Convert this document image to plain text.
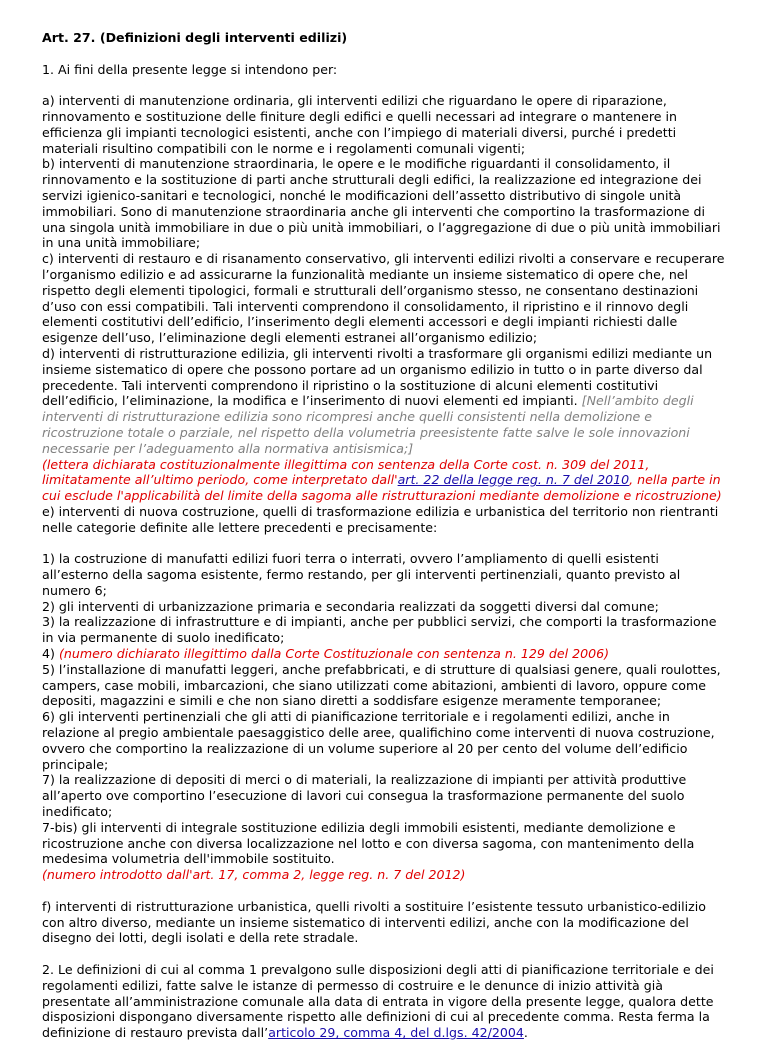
Art. 27. (Definizioni degli interventi edilizi)

1. Ai fini della presente legge si intendono per:

a) interventi di manutenzione ordinaria, gli interventi edilizi che riguardano le opere di riparazione, rinnovamento e sostituzione delle finiture degli edifici e quelli necessari ad integrare o mantenere in efficienza gli impianti tecnologici esistenti, anche con l’impiego di materiali diversi, purché i predetti materiali risultino compatibili con le norme e i regolamenti comunali vigenti;

b) interventi di manutenzione straordinaria, le opere e le modifiche riguardanti il consolidamento, il rinnovamento e la sostituzione di parti anche strutturali degli edifici, la realizzazione ed integrazione dei servizi igienico-sanitari e tecnologici, nonché le modificazioni dell’assetto distributivo di singole unità immobiliari. Sono di manutenzione straordinaria anche gli interventi che comportino la trasformazione di una singola unità immobiliare in due o più unità immobiliari, o l’aggregazione di due o più unità immobiliari in una unità immobiliare;

c) interventi di restauro e di risanamento conservativo, gli interventi edilizi rivolti a conservare e recuperare l’organismo edilizio e ad assicurarne la funzionalità mediante un insieme sistematico di opere che, nel rispetto degli elementi tipologici, formali e strutturali dell’organismo stesso, ne consentano destinazioni d’uso con essi compatibili. Tali interventi comprendono il consolidamento, il ripristino e il rinnovo degli elementi costitutivi dell’edificio, l’inserimento degli elementi accessori e degli impianti richiesti dalle esigenze dell’uso, l’eliminazione degli elementi estranei all’organismo edilizio;

d) interventi di ristrutturazione edilizia, gli interventi rivolti a trasformare gli organismi edilizi mediante un insieme sistematico di opere che possono portare ad un organismo edilizio in tutto o in parte diverso dal precedente. Tali interventi comprendono il ripristino o la sostituzione di alcuni elementi costitutivi dell’edificio, l’eliminazione, la modifica e l’inserimento di nuovi elementi ed impianti. [Nell’ambito degli interventi di ristrutturazione edilizia sono ricompresi anche quelli consistenti nella demolizione e ricostruzione totale o parziale, nel rispetto della volumetria preesistente fatte salve le sole innovazioni necessarie per l’adeguamento alla normativa antisismica;]

(lettera dichiarata costituzionalmente illegittima con sentenza della Corte cost. n. 309 del 2011, limitatamente all’ultimo periodo, come interpretato dall'art. 22 della legge reg. n. 7 del 2010, nella parte in cui esclude l'applicabilità del limite della sagoma alle ristrutturazioni mediante demolizione e ricostruzione)

e) interventi di nuova costruzione, quelli di trasformazione edilizia e urbanistica del territorio non rientranti nelle categorie definite alle lettere precedenti e precisamente:

1) la costruzione di manufatti edilizi fuori terra o interrati, ovvero l’ampliamento di quelli esistenti all’esterno della sagoma esistente, fermo restando, per gli interventi pertinenziali, quanto previsto al numero 6;

2) gli interventi di urbanizzazione primaria e secondaria realizzati da soggetti diversi dal comune;

3) la realizzazione di infrastrutture e di impianti, anche per pubblici servizi, che comporti la trasformazione in via permanente di suolo inedificato;

4) (numero dichiarato illegittimo dalla Corte Costituzionale con sentenza n. 129 del 2006)

5) l’installazione di manufatti leggeri, anche prefabbricati, e di strutture di qualsiasi genere, quali roulottes, campers, case mobili, imbarcazioni, che siano utilizzati come abitazioni, ambienti di lavoro, oppure come depositi, magazzini e simili e che non siano diretti a soddisfare esigenze meramente temporanee;

6) gli interventi pertinenziali che gli atti di pianificazione territoriale e i regolamenti edilizi, anche in relazione al pregio ambientale paesaggistico delle aree, qualifichino come interventi di nuova costruzione, ovvero che comportino la realizzazione di un volume superiore al 20 per cento del volume dell’edificio principale;

7) la realizzazione di depositi di merci o di materiali, la realizzazione di impianti per attività produttive all’aperto ove comportino l’esecuzione di lavori cui consegua la trasformazione permanente del suolo inedificato;

7-bis) gli interventi di integrale sostituzione edilizia degli immobili esistenti, mediante demolizione e ricostruzione anche con diversa localizzazione nel lotto e con diversa sagoma, con mantenimento della medesima volumetria dell'immobile sostituito.

(numero introdotto dall'art. 17, comma 2, legge reg. n. 7 del 2012)

f) interventi di ristrutturazione urbanistica, quelli rivolti a sostituire l’esistente tessuto urbanistico-edilizio con altro diverso, mediante un insieme sistematico di interventi edilizi, anche con la modificazione del disegno dei lotti, degli isolati e della rete stradale.

2. Le definizioni di cui al comma 1 prevalgono sulle disposizioni degli atti di pianificazione territoriale e dei regolamenti edilizi, fatte salve le istanze di permesso di costruire e le denunce di inizio attività già presentate all’amministrazione comunale alla data di entrata in vigore della presente legge, qualora dette disposizioni dispongano diversamente rispetto alle definizioni di cui al precedente comma. Resta ferma la definizione di restauro prevista dall’articolo 29, comma 4, del d.lgs. 42/2004.
